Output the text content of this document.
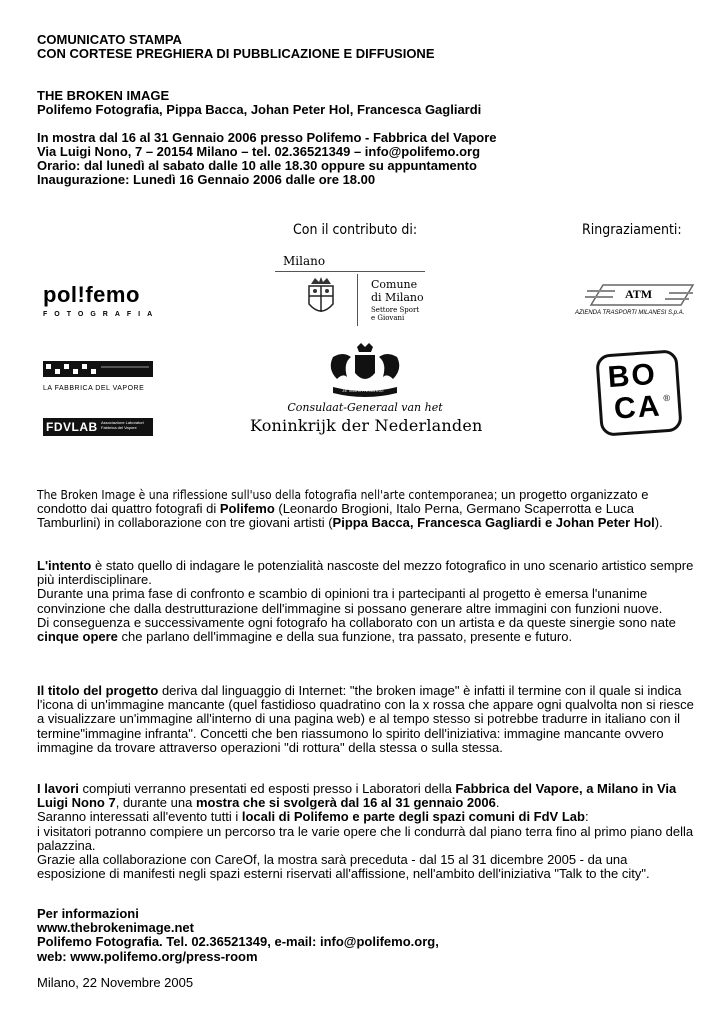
COMUNICATO STAMPA
CON CORTESE PREGHIERA DI PUBBLICAZIONE E DIFFUSIONE
THE BROKEN IMAGE
Polifemo Fotografia, Pippa Bacca, Johan Peter Hol, Francesca Gagliardi
In mostra dal 16 al 31 Gennaio 2006 presso Polifemo - Fabbrica del Vapore
Via Luigi Nono, 7 – 20154 Milano – tel. 02.36521349 – info@polifemo.org
Orario: dal lunedì al sabato dalle 10 alle 18.30 oppure su appuntamento
Inaugurazione: Lunedì 16 Gennaio 2006 dalle ore 18.00
Con il contributo di:	Ringraziamenti:
pol!femo
FOTOGRAFIA
Milano
Comune
di Milano
Settore Sport
e Giovani
ATM
AZIENDA TRASPORTI MILANESI S.p.A.
LA FABBRICA DEL VAPORE	JE MAINTIENDRAI
Consulaat-Generaal van het
Koninkrijk der Nederlanden
BO
CA ®
FDVLAB Associazione Laboratori
Fabbrica del Vapore
The Broken Image è una riflessione sull'uso della fotografia nell'arte contemporanea; un progetto organizzato e condotto dai quattro fotografi di Polifemo (Leonardo Brogioni, Italo Perna, Germano Scaperrotta e Luca Tamburlini) in collaborazione con tre giovani artisti (Pippa Bacca, Francesca Gagliardi e Johan Peter Hol).
L'intento è stato quello di indagare le potenzialità nascoste del mezzo fotografico in uno scenario artistico sempre più interdisciplinare.
Durante una prima fase di confronto e scambio di opinioni tra i partecipanti al progetto è emersa l'unanime convinzione che dalla destrutturazione dell'immagine si possano generare altre immagini con funzioni nuove.
Di conseguenza e successivamente ogni fotografo ha collaborato con un artista e da queste sinergie sono nate cinque opere che parlano dell'immagine e della sua funzione, tra passato, presente e futuro.
Il titolo del progetto deriva dal linguaggio di Internet: "the broken image" è infatti il termine con il quale si indica l'icona di un'immagine mancante (quel fastidioso quadratino con la x rossa che appare ogni qualvolta non si riesce a visualizzare un'immagine all'interno di una pagina web) e al tempo stesso si potrebbe tradurre in italiano con il termine"immagine infranta". Concetti che ben riassumono lo spirito dell'iniziativa: immagine mancante ovvero immagine da trovare attraverso operazioni "di rottura" della stessa o sulla stessa.
I lavori compiuti verranno presentati ed esposti presso i Laboratori della Fabbrica del Vapore, a Milano in Via Luigi Nono 7, durante una mostra che si svolgerà dal 16 al 31 gennaio 2006.
Saranno interessati all'evento tutti i locali di Polifemo e parte degli spazi comuni di FdV Lab:
i visitatori potranno compiere un percorso tra le varie opere che li condurrà dal piano terra fino al primo piano della palazzina.
Grazie alla collaborazione con CareOf, la mostra sarà preceduta - dal 15 al 31 dicembre 2005 - da una esposizione di manifesti negli spazi esterni riservati all'affissione, nell'ambito dell'iniziativa "Talk to the city".
Per informazioni
www.thebrokenimage.net
Polifemo Fotografia. Tel. 02.36521349, e-mail: info@polifemo.org,
web: www.polifemo.org/press-room
Milano, 22 Novembre 2005
